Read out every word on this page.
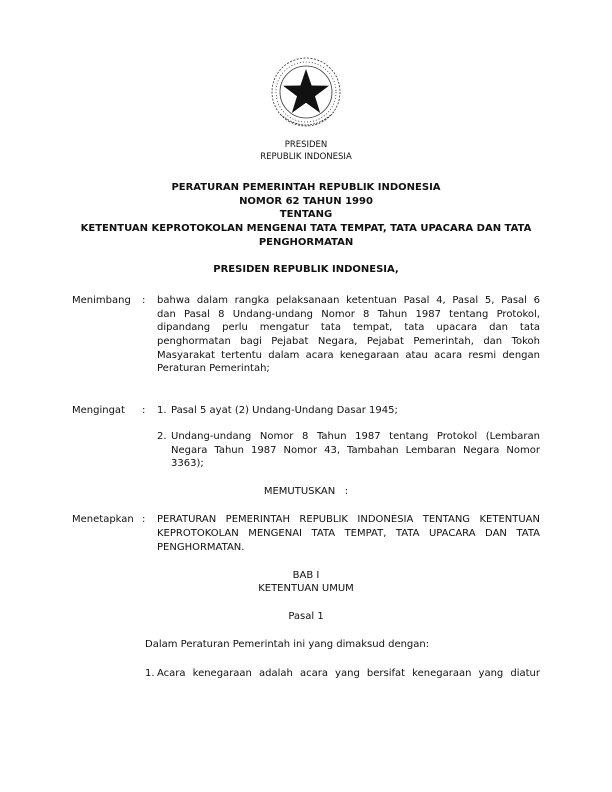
PRESIDEN
REPUBLIK INDONESIA
PERATURAN PEMERINTAH REPUBLIK INDONESIA
NOMOR 62 TAHUN 1990
TENTANG
KETENTUAN KEPROTOKOLAN MENGENAI TATA TEMPAT, TATA UPACARA DAN TATA
PENGHORMATAN
PRESIDEN REPUBLIK INDONESIA,
Menimbang : bahwa dalam rangka pelaksanaan ketentuan Pasal 4, Pasal 5, Pasal 6
dan Pasal 8 Undang-undang Nomor 8 Tahun 1987 tentang Protokol,
dipandang perlu mengatur tata tempat, tata upacara dan tata
penghormatan bagi Pejabat Negara, Pejabat Pemerintah, dan Tokoh
Masyarakat tertentu dalam acara kenegaraan atau acara resmi dengan
Peraturan Pemerintah;
Mengingat : 1. Pasal 5 ayat (2) Undang-Undang Dasar 1945;
2. Undang-undang Nomor 8 Tahun 1987 tentang Protokol (Lembaran
Negara Tahun 1987 Nomor 43, Tambahan Lembaran Negara Nomor
3363);
MEMUTUSKAN   :
Menetapkan : PERATURAN PEMERINTAH REPUBLIK INDONESIA TENTANG KETENTUAN
KEPROTOKOLAN MENGENAI TATA TEMPAT, TATA UPACARA DAN TATA
PENGHORMATAN.
BAB I
KETENTUAN UMUM
Pasal 1
Dalam Peraturan Pemerintah ini yang dimaksud dengan:
1. Acara kenegaraan adalah acara yang bersifat kenegaraan yang diatur
